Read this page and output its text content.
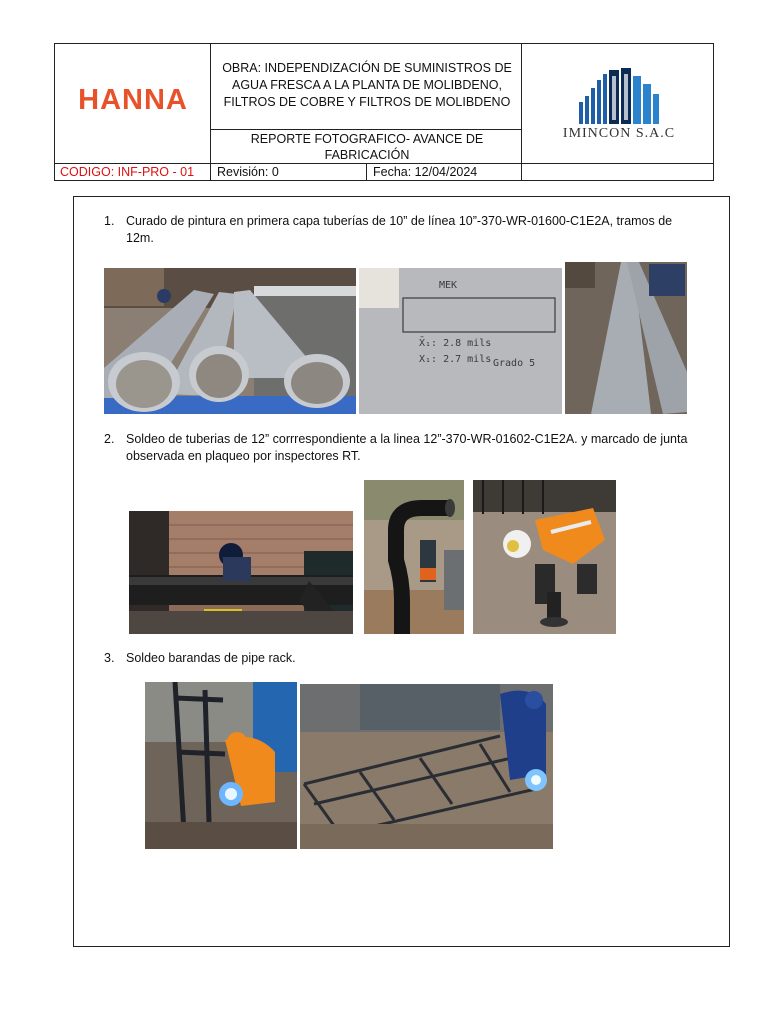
HANNA
OBRA: INDEPENDIZACIÓN DE SUMINISTROS DE
AGUA FRESCA A LA PLANTA DE MOLIBDENO,
FILTROS DE COBRE Y FILTROS DE MOLIBDENO
REPORTE FOTOGRAFICO- AVANCE DE
FABRICACIÓN
CODIGO: INF-PRO - 01 Revisión: 0	Fecha: 12/04/2024
IMINCON S.A.C
1. Curado de pintura en primera capa tuberías de 10” de línea 10”-370-WR-01600-C1E2A, tramos de
12m.
MEK
X̄₁: 2.8 mils
X₁: 2.7 mils Grado 5
2. Soldeo de tuberias de 12” corrrespondiente a la linea 12”-370-WR-01602-C1E2A. y marcado de junta
observada en plaqueo por inspectores RT.
3. Soldeo barandas de pipe rack.
